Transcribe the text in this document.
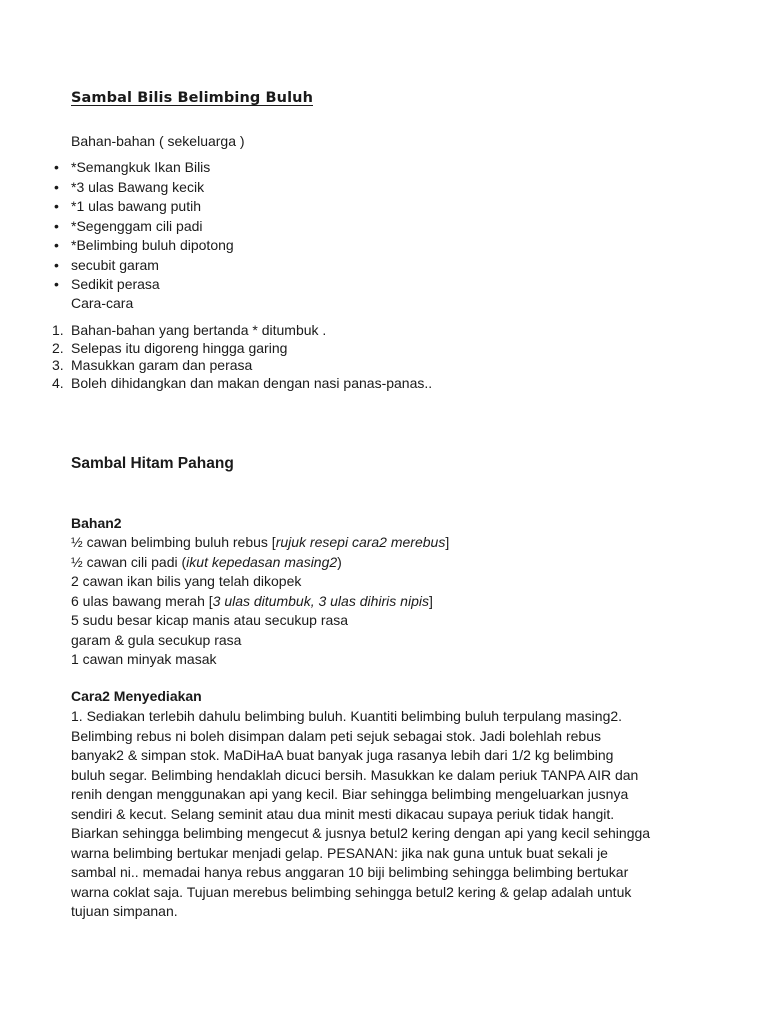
Sambal Bilis Belimbing Buluh
Bahan-bahan ( sekeluarga )
• *Semangkuk Ikan Bilis
• *3 ulas Bawang kecik
• *1 ulas bawang putih
• *Segenggam cili padi
• *Belimbing buluh dipotong
• secubit garam
• Sedikit perasa
Cara-cara
1. Bahan-bahan yang bertanda * ditumbuk .
2. Selepas itu digoreng hingga garing
3. Masukkan garam dan perasa
4. Boleh dihidangkan dan makan dengan nasi panas-panas..
Sambal Hitam Pahang
Bahan2
½ cawan belimbing buluh rebus [rujuk resepi cara2 merebus]
½ cawan cili padi (ikut kepedasan masing2)
2 cawan ikan bilis yang telah dikopek
6 ulas bawang merah [3 ulas ditumbuk, 3 ulas dihiris nipis]
5 sudu besar kicap manis atau secukup rasa
garam & gula secukup rasa
1 cawan minyak masak
Cara2 Menyediakan
1. Sediakan terlebih dahulu belimbing buluh. Kuantiti belimbing buluh terpulang masing2.
Belimbing rebus ni boleh disimpan dalam peti sejuk sebagai stok. Jadi bolehlah rebus
banyak2 & simpan stok. MaDiHaA buat banyak juga rasanya lebih dari 1/2 kg belimbing
buluh segar. Belimbing hendaklah dicuci bersih. Masukkan ke dalam periuk TANPA AIR dan
renih dengan menggunakan api yang kecil. Biar sehingga belimbing mengeluarkan jusnya
sendiri & kecut. Selang seminit atau dua minit mesti dikacau supaya periuk tidak hangit.
Biarkan sehingga belimbing mengecut & jusnya betul2 kering dengan api yang kecil sehingga
warna belimbing bertukar menjadi gelap. PESANAN: jika nak guna untuk buat sekali je
sambal ni.. memadai hanya rebus anggaran 10 biji belimbing sehingga belimbing bertukar
warna coklat saja. Tujuan merebus belimbing sehingga betul2 kering & gelap adalah untuk
tujuan simpanan.
